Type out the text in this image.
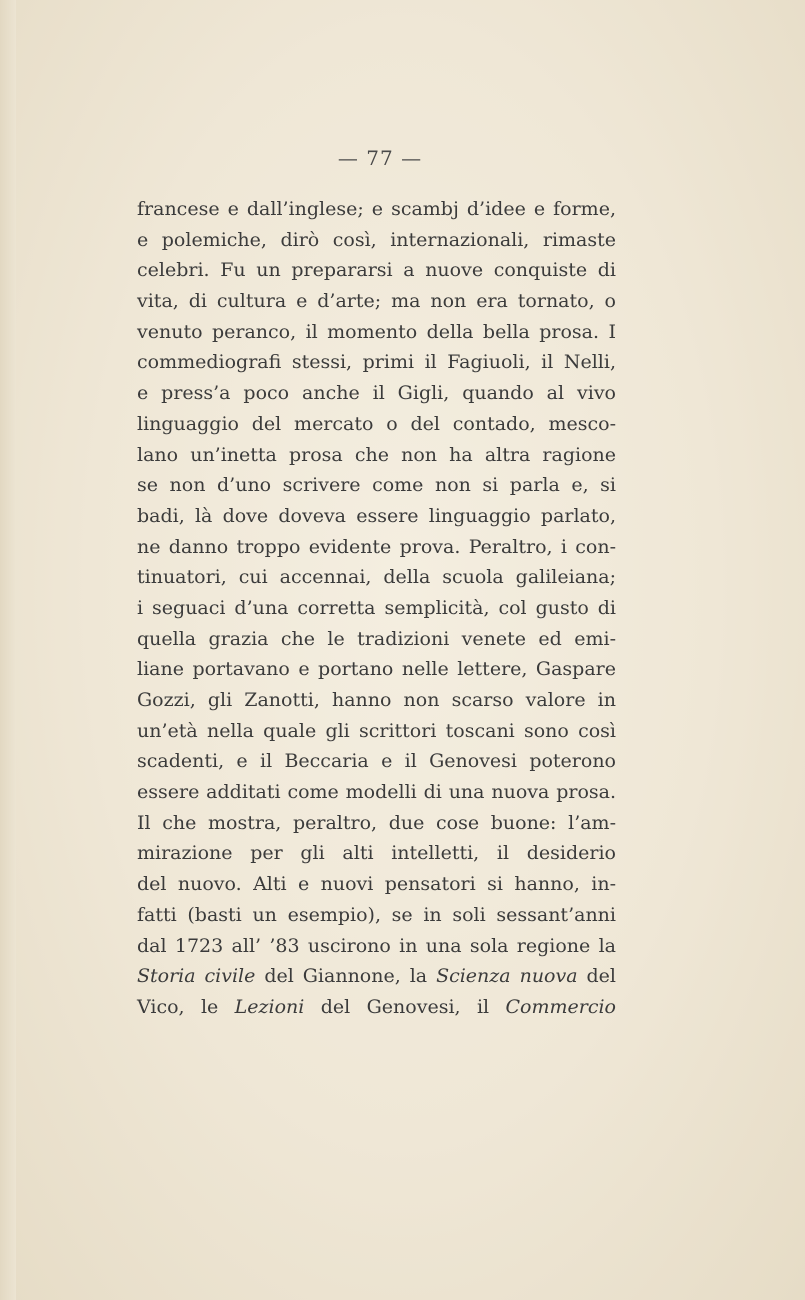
— 77 —
francese e dall’inglese; e scambj d’idee e forme,
e polemiche, dirò così, internazionali, rimaste
celebri. Fu un prepararsi a nuove conquiste di
vita, di cultura e d’arte; ma non era tornato, o
venuto peranco, il momento della bella prosa. I
commediografi stessi, primi il Fagiuoli, il Nelli,
e press’a poco anche il Gigli, quando al vivo
linguaggio del mercato o del contado, mesco-
lano un’inetta prosa che non ha altra ragione
se non d’uno scrivere come non si parla e, si
badi, là dove doveva essere linguaggio parlato,
ne danno troppo evidente prova. Peraltro, i con-
tinuatori, cui accennai, della scuola galileiana;
i seguaci d’una corretta semplicità, col gusto di
quella grazia che le tradizioni venete ed emi-
liane portavano e portano nelle lettere, Gaspare
Gozzi, gli Zanotti, hanno non scarso valore in
un’età nella quale gli scrittori toscani sono così
scadenti, e il Beccaria e il Genovesi poterono
essere additati come modelli di una nuova prosa.
Il che mostra, peraltro, due cose buone: l’am-
mirazione per gli alti intelletti, il desiderio
del nuovo. Alti e nuovi pensatori si hanno, in-
fatti (basti un esempio), se in soli sessant’anni
dal 1723 all’ ’83 uscirono in una sola regione la
Storia civile del Giannone, la Scienza nuova del
Vico, le Lezioni del Genovesi, il Commercio
